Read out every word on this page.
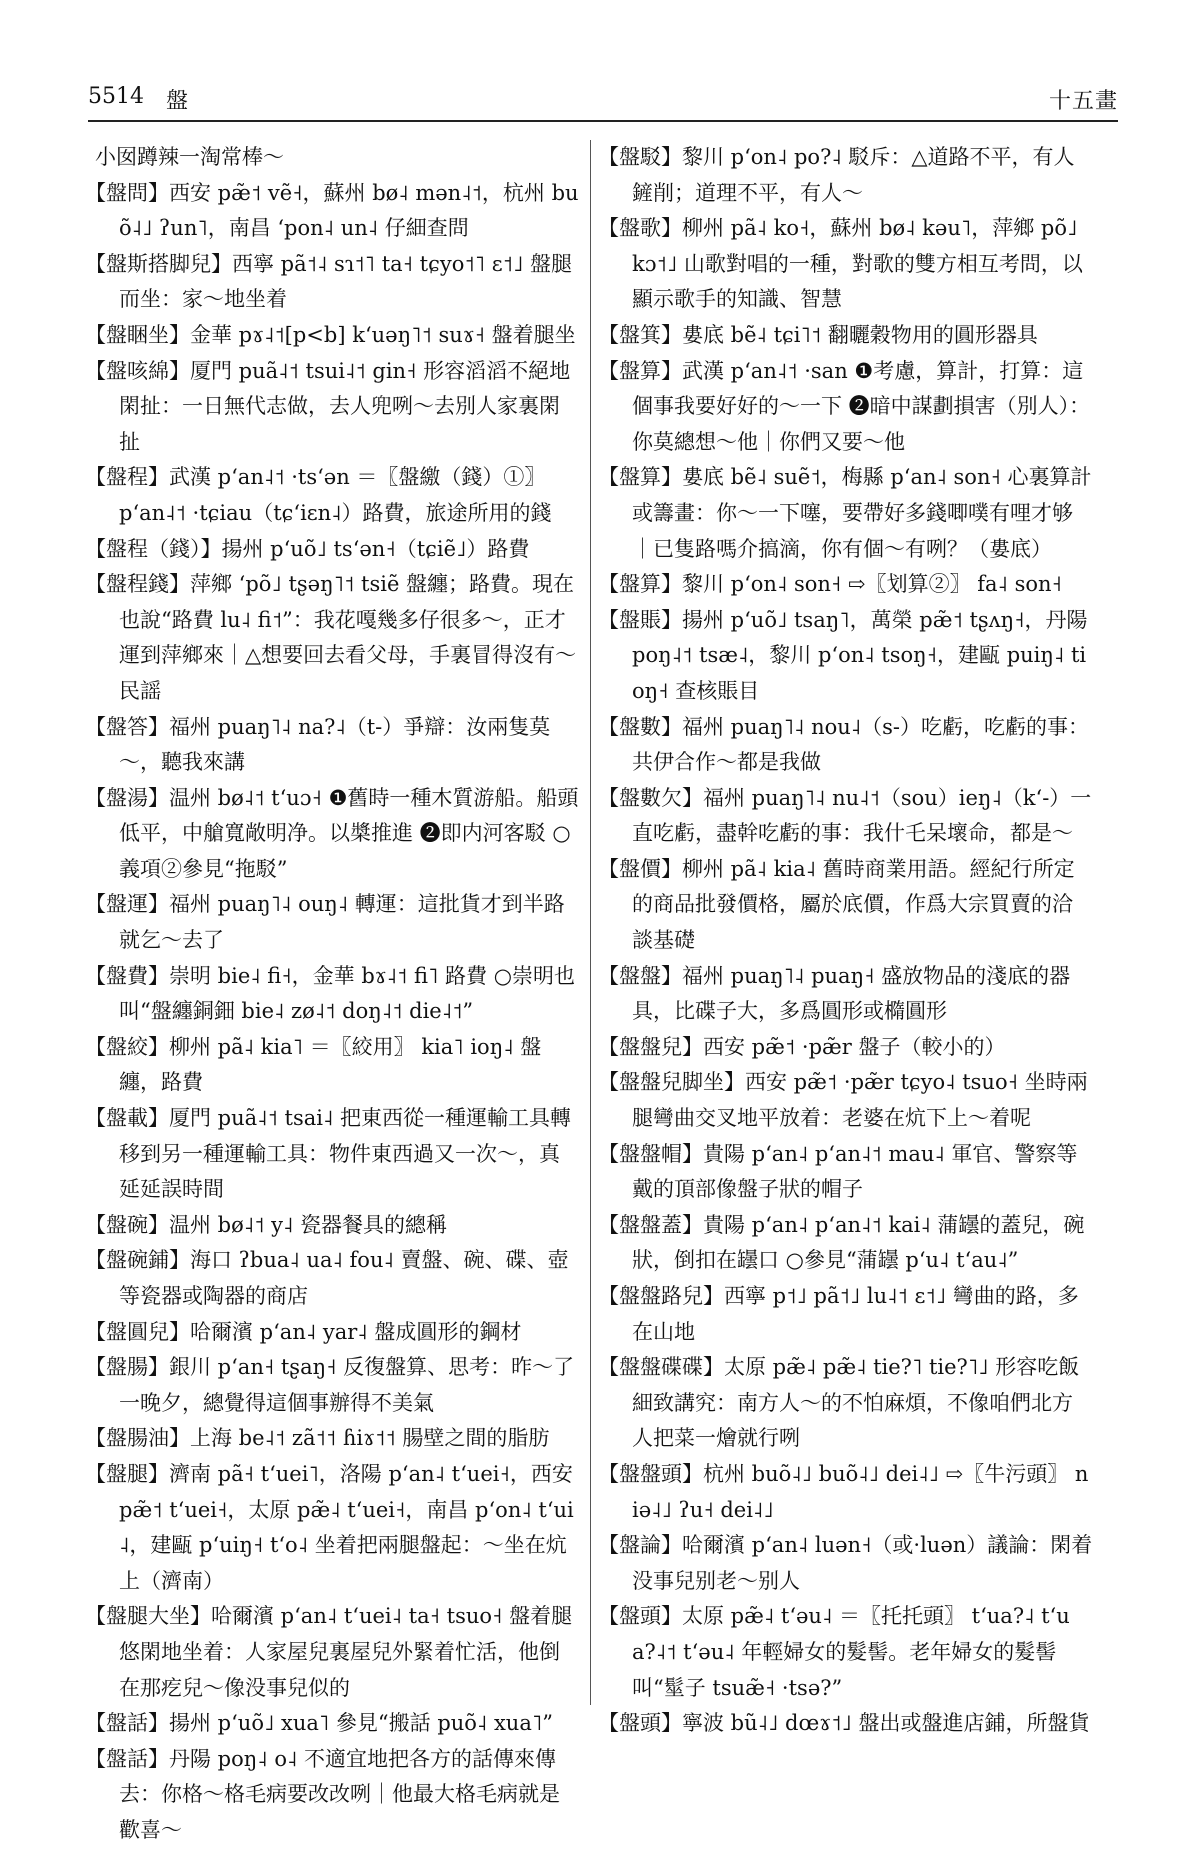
5514 盤	十五畫

小囡蹲辣一淘常棒～

【盤問】西安 pæ̃˦ vẽ˧，蘇州 bø˨ mən˨˦，杭州 buõ˨˩ ʔun˥，南昌 ‘pon˨ un˨ 仔細查問

【盤斯搭脚兒】西寧 pã˦˨ sɿ˦˥ ta˧ tɕyo˦˥ ɛ˦˩ 盤腿而坐：家～地坐着

【盤睏坐】金華 pɤ˨˦[p<b] k‘uəŋ˥˦ suɤ˧ 盤着腿坐

【盤咳綿】厦門 puã˨˦ tsui˨˦ gin˧ 形容滔滔不絕地閑扯：一日無代志做，去人兜咧～去別人家裏閑扯

【盤程】武漢 p‘an˨˦ ·ts‘ən ＝〖盤繳（錢）①〗 p‘an˨˦ ·tɕiau（tɕ‘iɛn˨）路費，旅途所用的錢

【盤程（錢）】揚州 p‘uõ˩ ts‘ən˧（tɕiẽ˩）路費

【盤程錢】萍鄉 ‘põ˩ tʂəŋ˥˦ tsiẽ 盤纏；路費。現在也說“路費 lu˨ fi˦”：我花嘎幾多仔很多～，正才運到萍鄉來｜△想要回去看父母，手裏冒得沒有～民謡

【盤答】福州 puaŋ˥˨ na?˨（t-）爭辯：汝兩隻莫～，聽我來講

【盤湯】温州 bø˨˦ t‘uɔ˧ ❶舊時一種木質游船。船頭低平，中艙寬敞明净。以槳推進 ❷即内河客駁 ○義項②參見“拖駁”

【盤運】福州 puaŋ˥˨ ouŋ˨ 轉運：這批貨才到半路就乞～去了

【盤費】崇明 bie˨ fi˧，金華 bɤ˨˦ fi˥ 路費 ○崇明也叫“盤纏銅鈿 bie˨ zø˨˦ doŋ˨˦ die˨˦”

【盤絞】柳州 pã˨ kia˥ ＝〖絞用〗 kia˥ ioŋ˨ 盤纏，路費

【盤載】厦門 puã˨˦ tsai˨ 把東西從一種運輸工具轉移到另一種運輸工具：物件東西過又一次～，真延延誤時間

【盤碗】温州 bø˨˦ y˨ 瓷器餐具的總稱

【盤碗鋪】海口 ʔbua˨ ua˨ fou˨ 賣盤、碗、碟、壺等瓷器或陶器的商店

【盤圓兒】哈爾濱 p‘an˨ yar˨ 盤成圓形的鋼材

【盤腸】銀川 p‘an˧ tʂaŋ˧ 反復盤算、思考：昨～了一晚夕，總覺得這個事辦得不美氣

【盤腸油】上海 be˨˦ zã˦˦ ɦiɤ˦˦ 腸壁之間的脂肪

【盤腿】濟南 pã˧ t‘uei˥，洛陽 p‘an˨ t‘uei˧，西安 pæ̃˦ t‘uei˧，太原 pæ̃˨ t‘uei˧，南昌 p‘on˨ t‘ui˨，建甌 p‘uiŋ˧ t‘o˨ 坐着把兩腿盤起：～坐在炕上（濟南）

【盤腿大坐】哈爾濱 p‘an˨ t‘uei˨ ta˧ tsuo˧ 盤着腿悠閑地坐着：人家屋兒裏屋兒外緊着忙活，他倒在那疙兒～像没事兒似的

【盤話】揚州 p‘uõ˩ xua˥ 參見“搬話 puõ˨ xua˥”

【盤話】丹陽 poŋ˨ o˨ 不適宜地把各方的話傳來傳去：你格～格毛病要改改咧｜他最大格毛病就是歡喜～

【盤駁】黎川 p‘on˨ po?˨ 駁斥：△道路不平，有人鏟削；道理不平，有人～

【盤歌】柳州 pã˨ ko˧，蘇州 bø˨ kəu˥，萍鄉 põ˩ kɔ˦˩ 山歌對唱的一種，對歌的雙方相互考問，以顯示歌手的知識、智慧

【盤箕】婁底 bẽ˨ tɕi˥˦ 翻曬穀物用的圓形器具

【盤算】武漢 p‘an˨˦ ·san ❶考慮，算計，打算：這個事我要好好的～一下 ❷暗中謀劃損害（別人）：你莫總想～他｜你們又要～他

【盤算】婁底 bẽ˨ suẽ˦，梅縣 p‘an˨ son˧ 心裏算計或籌畫：你～一下噻，要帶好多錢唧噗有哩才够｜已隻路嗎介搞滴，你有個～有咧？（婁底）

【盤算】黎川 p‘on˨ son˧ ⇨〖划算②〗 fa˨ son˧

【盤賬】揚州 p‘uõ˩ tsaŋ˥，萬榮 pæ̃˦ tʂʌŋ˧，丹陽 poŋ˨˦ tsæ˨，黎川 p‘on˨ tsoŋ˧，建甌 puiŋ˨ tioŋ˧ 查核賬目

【盤數】福州 puaŋ˥˨ nou˨（s-）吃虧，吃虧的事：共伊合作～都是我做

【盤數欠】福州 puaŋ˥˨ nu˨˦（sou）ieŋ˨（k‘-）一直吃虧，盡幹吃虧的事：我什乇呆壞命，都是～

【盤價】柳州 pã˨ kia˨ 舊時商業用語。經紀行所定的商品批發價格，屬於底價，作爲大宗買賣的洽談基礎

【盤盤】福州 puaŋ˥˨ puaŋ˧ 盛放物品的淺底的器具，比碟子大，多爲圓形或橢圓形

【盤盤兒】西安 pæ̃˦ ·pæ̃r 盤子（較小的）

【盤盤兒脚坐】西安 pæ̃˦ ·pæ̃r tɕyo˨ tsuo˧ 坐時兩腿彎曲交叉地平放着：老婆在炕下上～着呢

【盤盤帽】貴陽 p‘an˨ p‘an˨˦ mau˨ 軍官、警察等戴的頂部像盤子狀的帽子

【盤盤蓋】貴陽 p‘an˨ p‘an˨˦ kai˨ 蒲罎的蓋兒，碗狀，倒扣在罎口 ○參見“蒲罎 p‘u˨ t‘au˨”

【盤盤路兒】西寧 p˦˩ pã˦˩ lu˨˦ ɛ˦˩ 彎曲的路，多在山地

【盤盤碟碟】太原 pæ̃˨ pæ̃˨ tie?˥ tie?˥˩ 形容吃飯細致講究：南方人～的不怕麻煩，不像咱們北方人把菜一燴就行咧

【盤盤頭】杭州 buõ˨˩ buõ˨˩ dei˨˩ ⇨〖牛污頭〗 niə˨˩ ʔu˧ dei˨˩

【盤論】哈爾濱 p‘an˨ luən˧（或·luən）議論：閑着没事兒别老～别人

【盤頭】太原 pæ̃˨ t‘əu˨ ＝〖托托頭〗 t‘ua?˨ t‘ua?˨˦ t‘əu˨ 年輕婦女的髮髻。老年婦女的髮髻叫“髽子 tsuæ̃˧ ·tsə?”

【盤頭】寧波 bũ˨˩ dœɤ˦˩ 盤出或盤進店鋪，所盤貨
